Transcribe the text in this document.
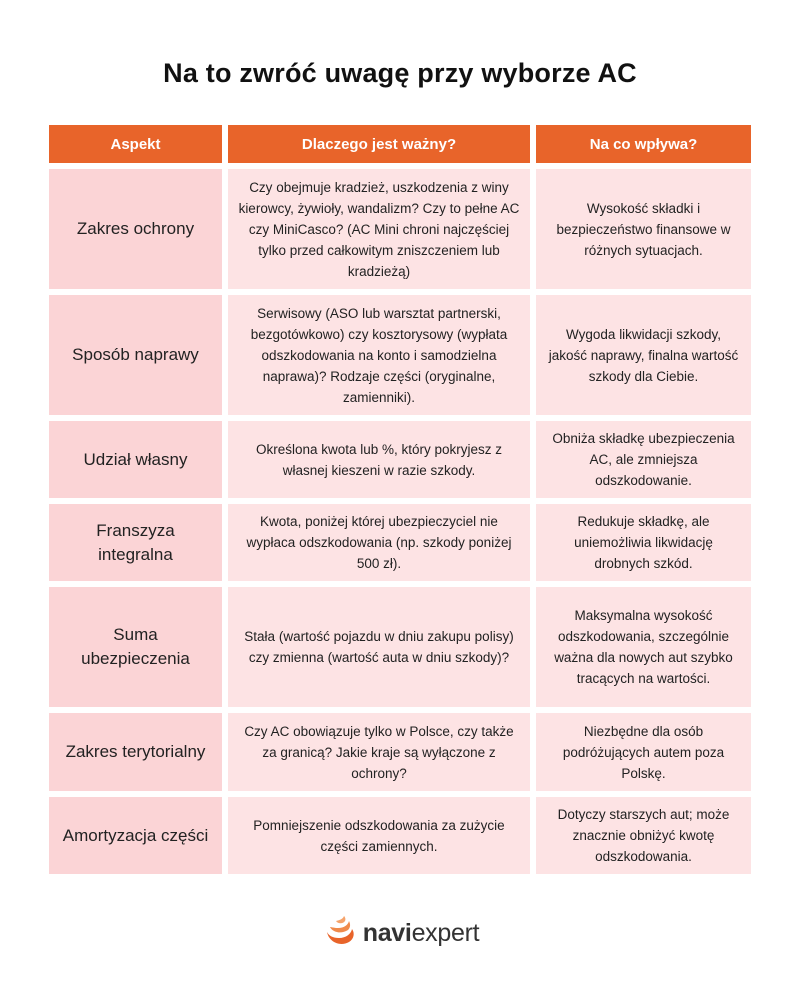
Na to zwróć uwagę przy wyborze AC
Aspekt	Dlaczego jest ważny?	Na co wpływa?
Zakres ochrony
Czy obejmuje kradzież, uszkodzenia z winy kierowcy, żywioły, wandalizm? Czy to pełne AC czy MiniCasco? (AC Mini chroni najczęściej tylko przed całkowitym zniszczeniem lub kradzieżą)
Wysokość składki i bezpieczeństwo finansowe w różnych sytuacjach.
Sposób naprawy
Serwisowy (ASO lub warsztat partnerski, bezgotówkowo) czy kosztorysowy (wypłata odszkodowania na konto i samodzielna naprawa)? Rodzaje części (oryginalne, zamienniki).
Wygoda likwidacji szkody, jakość naprawy, finalna wartość szkody dla Ciebie.
Udział własny
Określona kwota lub %, który pokryjesz z własnej kieszeni w razie szkody.
Obniża składkę ubezpieczenia AC, ale zmniejsza odszkodowanie.
Franszyza integralna
Kwota, poniżej której ubezpieczyciel nie wypłaca odszkodowania (np. szkody poniżej 500 zł).
Redukuje składkę, ale uniemożliwia likwidację drobnych szkód.
Suma ubezpieczenia
Stała (wartość pojazdu w dniu zakupu polisy) czy zmienna (wartość auta w dniu szkody)?
Maksymalna wysokość odszkodowania, szczególnie ważna dla nowych aut szybko tracących na wartości.
Zakres terytorialny
Czy AC obowiązuje tylko w Polsce, czy także za granicą? Jakie kraje są wyłączone z ochrony?
Niezbędne dla osób podróżujących autem poza Polskę.
Amortyzacja części
Pomniejszenie odszkodowania za zużycie części zamiennych.
Dotyczy starszych aut; może znacznie obniżyć kwotę odszkodowania.
naviexpert
